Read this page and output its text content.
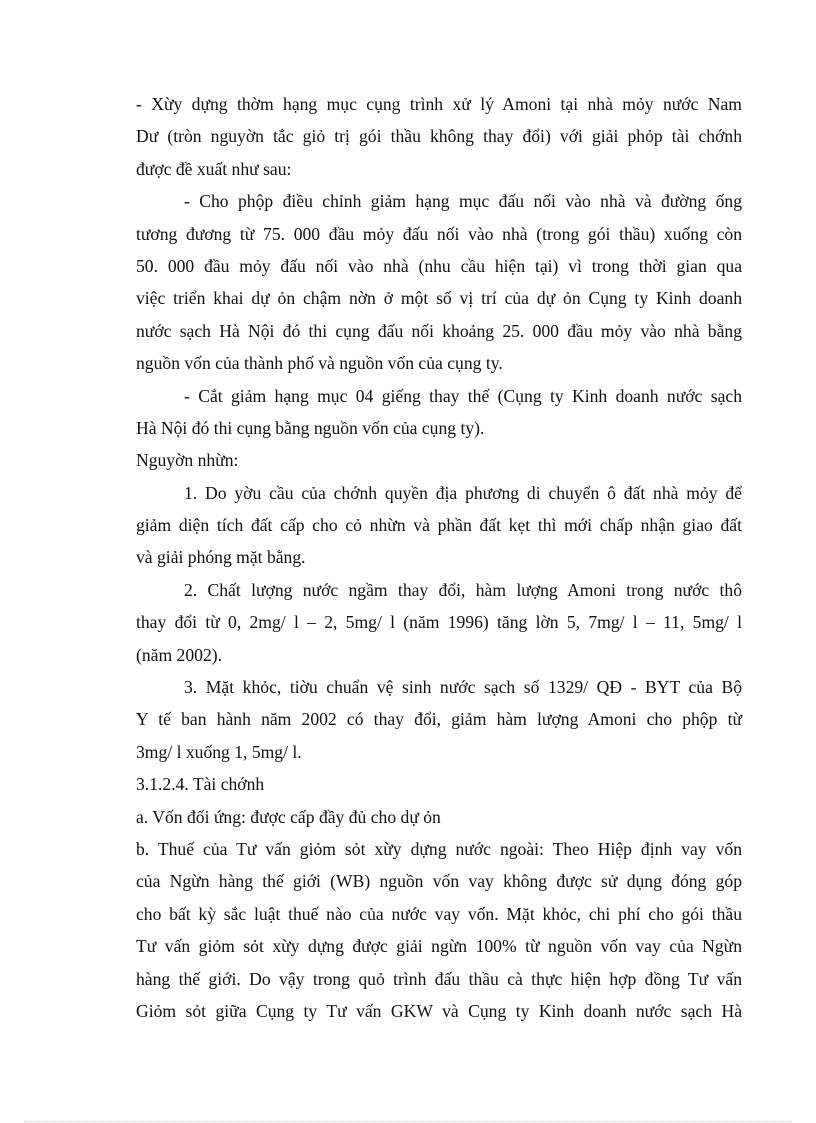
- Xừy dựng thờm hạng mục cụng trình xử lý Amoni tại nhà mỏy nước Nam
Dư (tròn nguyờn tắc giỏ trị gói thầu không thay đổi) với giải phỏp tài chớnh
được đề xuất như sau:
- Cho phộp điều chỉnh giảm hạng mục đấu nối vào nhà và đường ống
tương đương từ 75. 000 đầu mỏy đấu nối vào nhà (trong gói thầu) xuống còn
50. 000 đầu mỏy đấu nối vào nhà (nhu cầu hiện tại) vì trong thời gian qua
việc triển khai dự ỏn chậm nờn ở một số vị trí của dự ỏn Cụng ty Kinh doanh
nước sạch Hà Nội đó thi cụng đấu nối khoảng 25. 000 đầu mỏy vào nhà bằng
nguồn vốn của thành phố và nguồn vốn của cụng ty.
- Cắt giảm hạng mục 04 giếng thay thế (Cụng ty Kinh doanh nước sạch
Hà Nội đó thi cụng bằng nguồn vốn của cụng ty).
Nguyờn nhừn:
1. Do yờu cầu của chớnh quyền địa phương di chuyển ô đất nhà mỏy để
giảm diện tích đất cấp cho cỏ nhừn và phần đất kẹt thì mới chấp nhận giao đất
và giải phóng mặt bằng.
2. Chất lượng nước ngầm thay đổi, hàm lượng Amoni trong nước thô
thay đổi từ 0, 2mg/ l – 2, 5mg/ l (năm 1996) tăng lờn 5, 7mg/ l – 11, 5mg/ l
(năm 2002).
3. Mặt khỏc, tiờu chuẩn vệ sinh nước sạch số 1329/ QĐ - BYT của Bộ
Y tế ban hành năm 2002 có thay đổi, giảm hàm lượng Amoni cho phộp từ
3mg/ l xuống 1, 5mg/ l.
3.1.2.4. Tài chớnh
a. Vốn đối ứng: được cấp đầy đủ cho dự ỏn
b. Thuế của Tư vấn giỏm sỏt xừy dựng nước ngoài: Theo Hiệp định vay vốn
của Ngừn hàng thế giới (WB) nguồn vốn vay không được sử dụng đóng góp
cho bất kỳ sắc luật thuế nào của nước vay vốn. Mặt khỏc, chi phí cho gói thầu
Tư vấn giỏm sỏt xừy dựng được giải ngừn 100% từ nguồn vốn vay của Ngừn
hàng thế giới. Do vậy trong quỏ trình đấu thầu cà thực hiện hợp đồng Tư vấn
Giỏm sỏt giữa Cụng ty Tư vấn GKW và Cụng ty Kinh doanh nước sạch Hà
